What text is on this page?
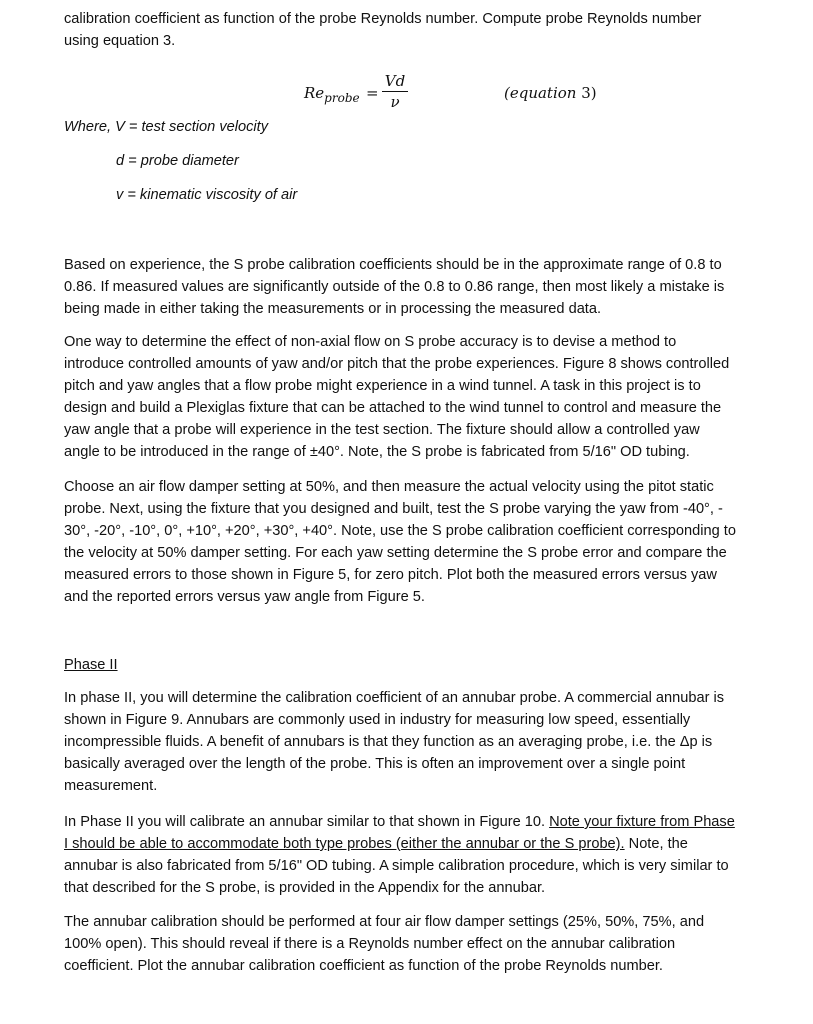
calibration coefficient as function of the probe Reynolds number. Compute probe Reynolds number

using equation 3.

$Re_{probe}$ =
Vd
ν	(equation 3)

Where, V = test section velocity

d = probe diameter

v = kinematic viscosity of air

Based on experience, the S probe calibration coefficients should be in the approximate range of 0.8 to

0.86. If measured values are significantly outside of the 0.8 to 0.86 range, then most likely a mistake is

being made in either taking the measurements or in processing the measured data.

One way to determine the effect of non-axial flow on S probe accuracy is to devise a method to

introduce controlled amounts of yaw and/or pitch that the probe experiences. Figure 8 shows controlled

pitch and yaw angles that a flow probe might experience in a wind tunnel. A task in this project is to

design and build a Plexiglas fixture that can be attached to the wind tunnel to control and measure the

yaw angle that a probe will experience in the test section. The fixture should allow a controlled yaw

angle to be introduced in the range of ±40°. Note, the S probe is fabricated from 5/16" OD tubing.

Choose an air flow damper setting at 50%, and then measure the actual velocity using the pitot static

probe. Next, using the fixture that you designed and built, test the S probe varying the yaw from -40°, -

30°, -20°, -10°, 0°, +10°, +20°, +30°, +40°. Note, use the S probe calibration coefficient corresponding to

the velocity at 50% damper setting. For each yaw setting determine the S probe error and compare the

measured errors to those shown in Figure 5, for zero pitch. Plot both the measured errors versus yaw

and the reported errors versus yaw angle from Figure 5.

Phase II

In phase II, you will determine the calibration coefficient of an annubar probe. A commercial annubar is

shown in Figure 9. Annubars are commonly used in industry for measuring low speed, essentially

incompressible fluids. A benefit of annubars is that they function as an averaging probe, i.e. the Δp is

basically averaged over the length of the probe. This is often an improvement over a single point

measurement.

In Phase II you will calibrate an annubar similar to that shown in Figure 10. Note your fixture from Phase

I should be able to accommodate both type probes (either the annubar or the S probe). Note, the

annubar is also fabricated from 5/16" OD tubing. A simple calibration procedure, which is very similar to

that described for the S probe, is provided in the Appendix for the annubar.

The annubar calibration should be performed at four air flow damper settings (25%, 50%, 75%, and

100% open). This should reveal if there is a Reynolds number effect on the annubar calibration

coefficient. Plot the annubar calibration coefficient as function of the probe Reynolds number.
